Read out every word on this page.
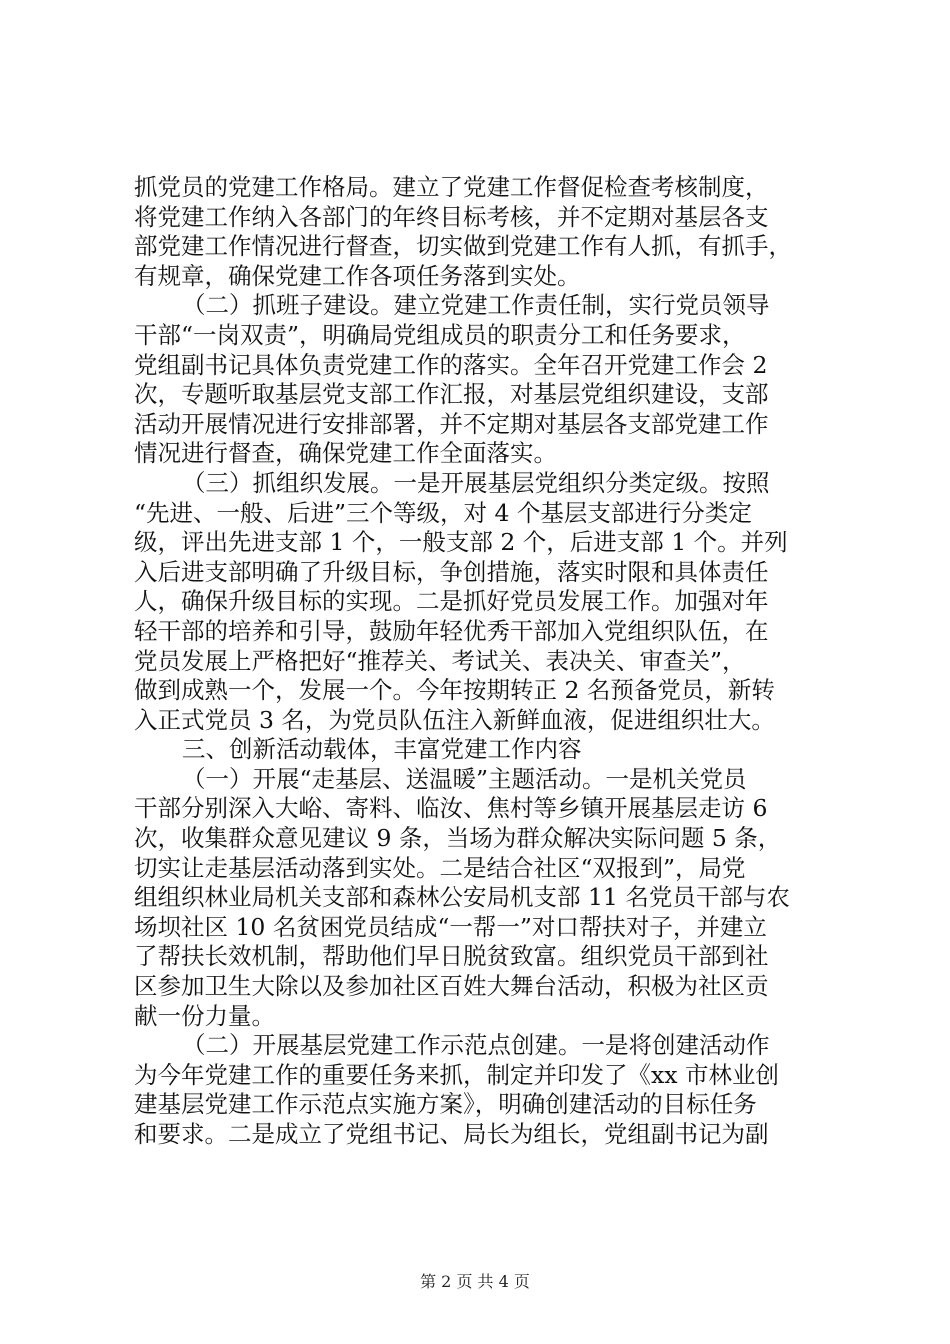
抓党员的党建工作格局。建立了党建工作督促检查考核制度，
将党建工作纳入各部门的年终目标考核，并不定期对基层各支
部党建工作情况进行督查，切实做到党建工作有人抓，有抓手，
有规章，确保党建工作各项任务落到实处。
（二）抓班子建设。建立党建工作责任制，实行党员领导
干部“一岗双责”，明确局党组成员的职责分工和任务要求，
党组副书记具体负责党建工作的落实。全年召开党建工作会 2
次，专题听取基层党支部工作汇报，对基层党组织建设，支部
活动开展情况进行安排部署，并不定期对基层各支部党建工作
情况进行督查，确保党建工作全面落实。
（三）抓组织发展。一是开展基层党组织分类定级。按照
“先进、一般、后进”三个等级，对 4 个基层支部进行分类定
级，评出先进支部 1 个，一般支部 2 个，后进支部 1 个。并列
入后进支部明确了升级目标，争创措施，落实时限和具体责任
人，确保升级目标的实现。二是抓好党员发展工作。加强对年
轻干部的培养和引导，鼓励年轻优秀干部加入党组织队伍，在
党员发展上严格把好“推荐关、考试关、表决关、审查关”，
做到成熟一个，发展一个。今年按期转正 2 名预备党员，新转
入正式党员 3 名，为党员队伍注入新鲜血液，促进组织壮大。
三、创新活动载体，丰富党建工作内容
（一）开展“走基层、送温暖”主题活动。一是机关党员
干部分别深入大峪、寄料、临汝、焦村等乡镇开展基层走访 6
次，收集群众意见建议 9 条，当场为群众解决实际问题 5 条，
切实让走基层活动落到实处。二是结合社区“双报到”，局党
组组织林业局机关支部和森林公安局机支部 11 名党员干部与农
场坝社区 10 名贫困党员结成“一帮一”对口帮扶对子，并建立
了帮扶长效机制，帮助他们早日脱贫致富。组织党员干部到社
区参加卫生大除以及参加社区百姓大舞台活动，积极为社区贡
献一份力量。
（二）开展基层党建工作示范点创建。一是将创建活动作
为今年党建工作的重要任务来抓，制定并印发了《xx 市林业创
建基层党建工作示范点实施方案》，明确创建活动的目标任务
和要求。二是成立了党组书记、局长为组长，党组副书记为副
第 2 页 共 4 页
